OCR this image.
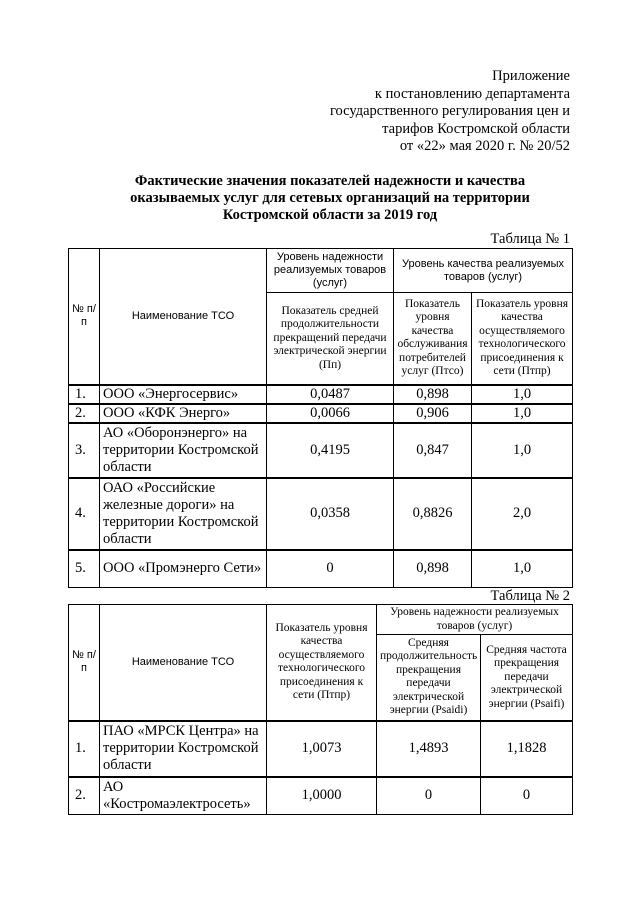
Приложение
к постановлению департамента
государственного регулирования цен и
тарифов Костромской области
от «22» мая 2020 г. № 20/52
Фактические значения показателей надежности и качества
оказываемых услуг для сетевых организаций на территории
Костромской области за 2019 год
Таблица № 1
№ п/п	Наименование ТСО	Уровень надежности реализуемых товаров (услуг)	Уровень качества реализуемых товаров (услуг)	
		Показатель средней продолжительности прекращений передачи электрической энергии (Пп)	Показатель уровня качества обслуживания потребителей услуг (Птсо)	Показатель уровня качества осуществляемого технологического присоединения к сети (Птпр)
1.	ООО «Энергосервис»	0,0487	0,898	1,0
2.	ООО «КФК Энерго»	0,0066	0,906	1,0
3.	АО «Оборонэнерго» на территории Костромской области	0,4195	0,847	1,0
4.	ОАО «Российские железные дороги» на территории Костромской области	0,0358	0,8826	2,0
5.	ООО «Промэнерго Сети»	0	0,898	1,0
Таблица № 2
№ п/п	Наименование ТСО	Показатель уровня качества осуществляемого технологического присоединения к сети (Птпр)	Уровень надежности реализуемых товаров (услуг)	
			Средняя продолжительность прекращения передачи электрической энергии (Psaidi)	Средняя частота прекращения передачи электрической энергии (Psaifi)
1.	ПАО «МРСК Центра» на территории Костромской области	1,0073	1,4893	1,1828
2.	АО «Костромаэлектросеть»	1,0000	0	0
